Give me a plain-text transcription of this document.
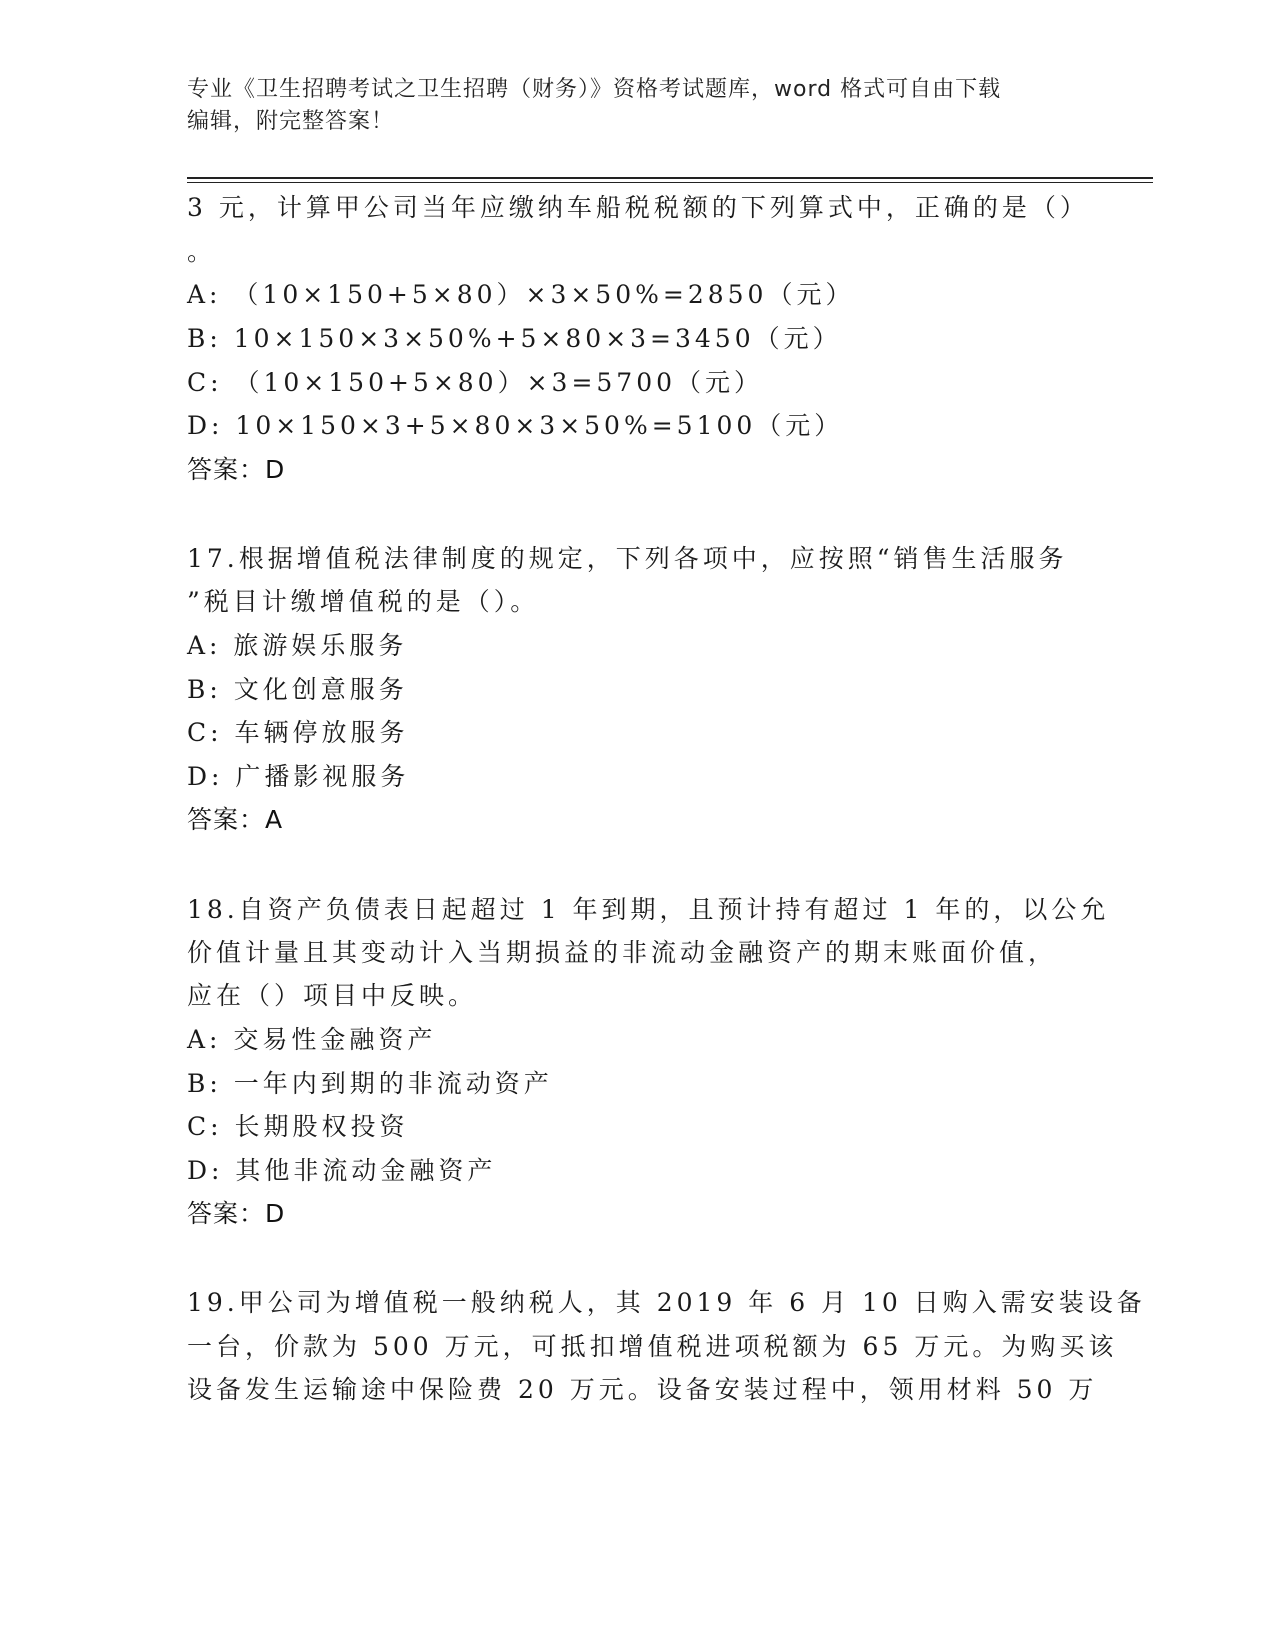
专业《卫生招聘考试之卫生招聘（财务）》资格考试题库，word 格式可自由下载
编辑，附完整答案！
3 元，计算甲公司当年应缴纳车船税税额的下列算式中，正确的是（）
。
A: （10×150+5×80）×3×50%=2850（元）
B: 10×150×3×50%+5×80×3=3450（元）
C: （10×150+5×80）×3=5700（元）
D: 10×150×3+5×80×3×50%=5100（元）
答案：D
17.根据增值税法律制度的规定，下列各项中，应按照“销售生活服务
”税目计缴增值税的是（）。
A: 旅游娱乐服务
B: 文化创意服务
C: 车辆停放服务
D: 广播影视服务
答案：A
18.自资产负债表日起超过 1 年到期，且预计持有超过 1 年的，以公允
价值计量且其变动计入当期损益的非流动金融资产的期末账面价值，
应在（）项目中反映。
A: 交易性金融资产
B: 一年内到期的非流动资产
C: 长期股权投资
D: 其他非流动金融资产
答案：D
19.甲公司为增值税一般纳税人，其 2019 年 6 月 10 日购入需安装设备
一台，价款为 500 万元，可抵扣增值税进项税额为 65 万元。为购买该
设备发生运输途中保险费 20 万元。设备安装过程中，领用材料 50 万
